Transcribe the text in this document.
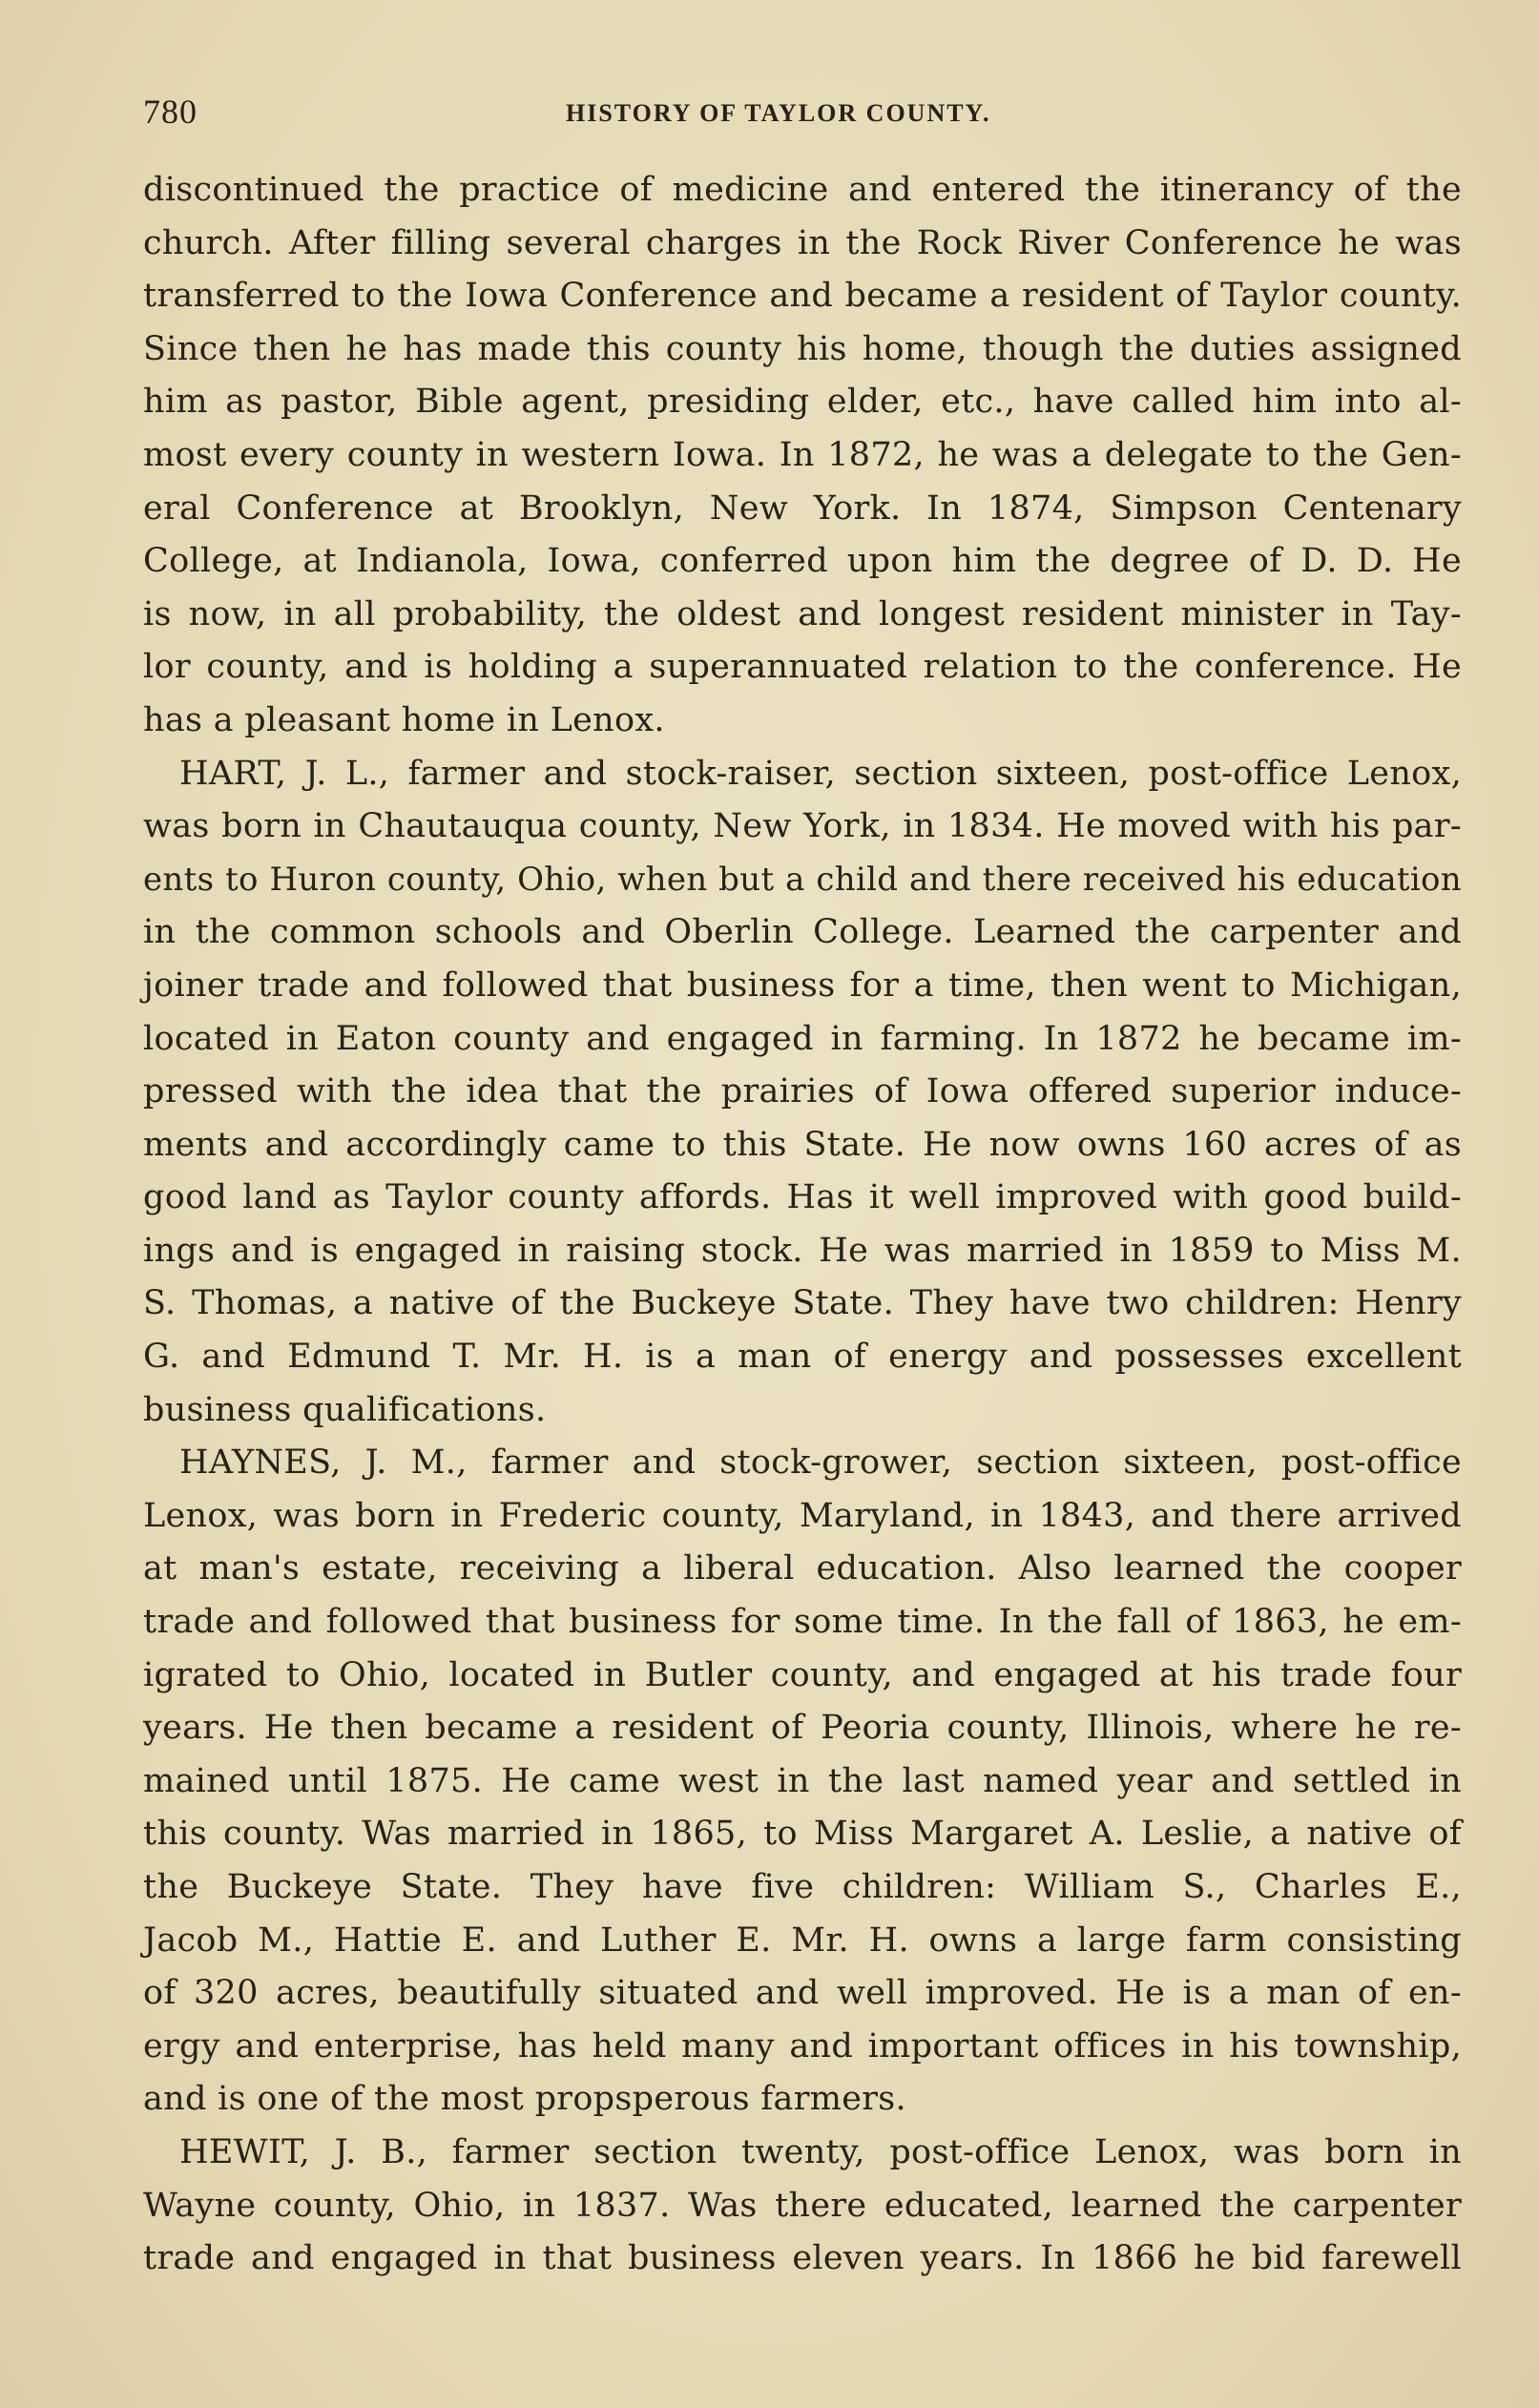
780	HISTORY OF TAYLOR COUNTY.
discontinued the practice of medicine and entered the itinerancy of the
church. After filling several charges in the Rock River Conference he was
transferred to the Iowa Conference and became a resident of Taylor county.
Since then he has made this county his home, though the duties assigned
him as pastor, Bible agent, presiding elder, etc., have called him into al-
most every county in western Iowa. In 1872, he was a delegate to the Gen-
eral Conference at Brooklyn, New York. In 1874, Simpson Centenary
College, at Indianola, Iowa, conferred upon him the degree of D. D. He
is now, in all probability, the oldest and longest resident minister in Tay-
lor county, and is holding a superannuated relation to the conference. He
has a pleasant home in Lenox.
HART, J. L., farmer and stock-raiser, section sixteen, post-office Lenox,
was born in Chautauqua county, New York, in 1834. He moved with his par-
ents to Huron county, Ohio, when but a child and there received his education
in the common schools and Oberlin College. Learned the carpenter and
joiner trade and followed that business for a time, then went to Michigan,
located in Eaton county and engaged in farming. In 1872 he became im-
pressed with the idea that the prairies of Iowa offered superior induce-
ments and accordingly came to this State. He now owns 160 acres of as
good land as Taylor county affords. Has it well improved with good build-
ings and is engaged in raising stock. He was married in 1859 to Miss M.
S. Thomas, a native of the Buckeye State. They have two children: Henry
G. and Edmund T. Mr. H. is a man of energy and possesses excellent
business qualifications.
HAYNES, J. M., farmer and stock-grower, section sixteen, post-office
Lenox, was born in Frederic county, Maryland, in 1843, and there arrived
at man's estate, receiving a liberal education. Also learned the cooper
trade and followed that business for some time. In the fall of 1863, he em-
igrated to Ohio, located in Butler county, and engaged at his trade four
years. He then became a resident of Peoria county, Illinois, where he re-
mained until 1875. He came west in the last named year and settled in
this county. Was married in 1865, to Miss Margaret A. Leslie, a native of
the Buckeye State. They have five children: William S., Charles E.,
Jacob M., Hattie E. and Luther E. Mr. H. owns a large farm consisting
of 320 acres, beautifully situated and well improved. He is a man of en-
ergy and enterprise, has held many and important offices in his township,
and is one of the most propsperous farmers.
HEWIT, J. B., farmer section twenty, post-office Lenox, was born in
Wayne county, Ohio, in 1837. Was there educated, learned the carpenter
trade and engaged in that business eleven years. In 1866 he bid farewell
